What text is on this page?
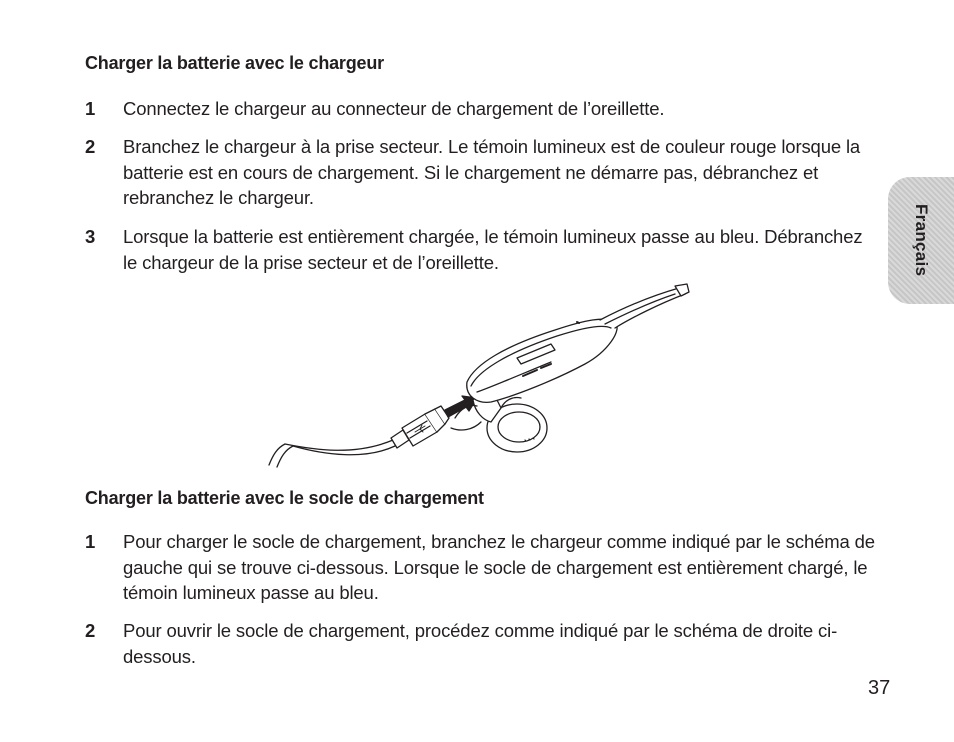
Charger la batterie avec le chargeur
1 Connectez le chargeur au connecteur de chargement de l’oreillette.
2 Branchez le chargeur à la prise secteur. Le témoin lumineux est de couleur rouge lorsque la batterie est en cours de chargement. Si le chargement ne démarre pas, débranchez et rebranchez le chargeur.
3 Lorsque la batterie est entièrement chargée, le témoin lumineux passe au bleu. Débranchez le chargeur de la prise secteur et de l’oreillette.
Charger la batterie avec le socle de chargement
1 Pour charger le socle de chargement, branchez le chargeur comme indiqué par le schéma de gauche qui se trouve ci-dessous. Lorsque le socle de chargement est entièrement chargé, le témoin lumineux passe au bleu.
2 Pour ouvrir le socle de chargement, procédez comme indiqué par le schéma de droite ci-dessous.
Français
37
